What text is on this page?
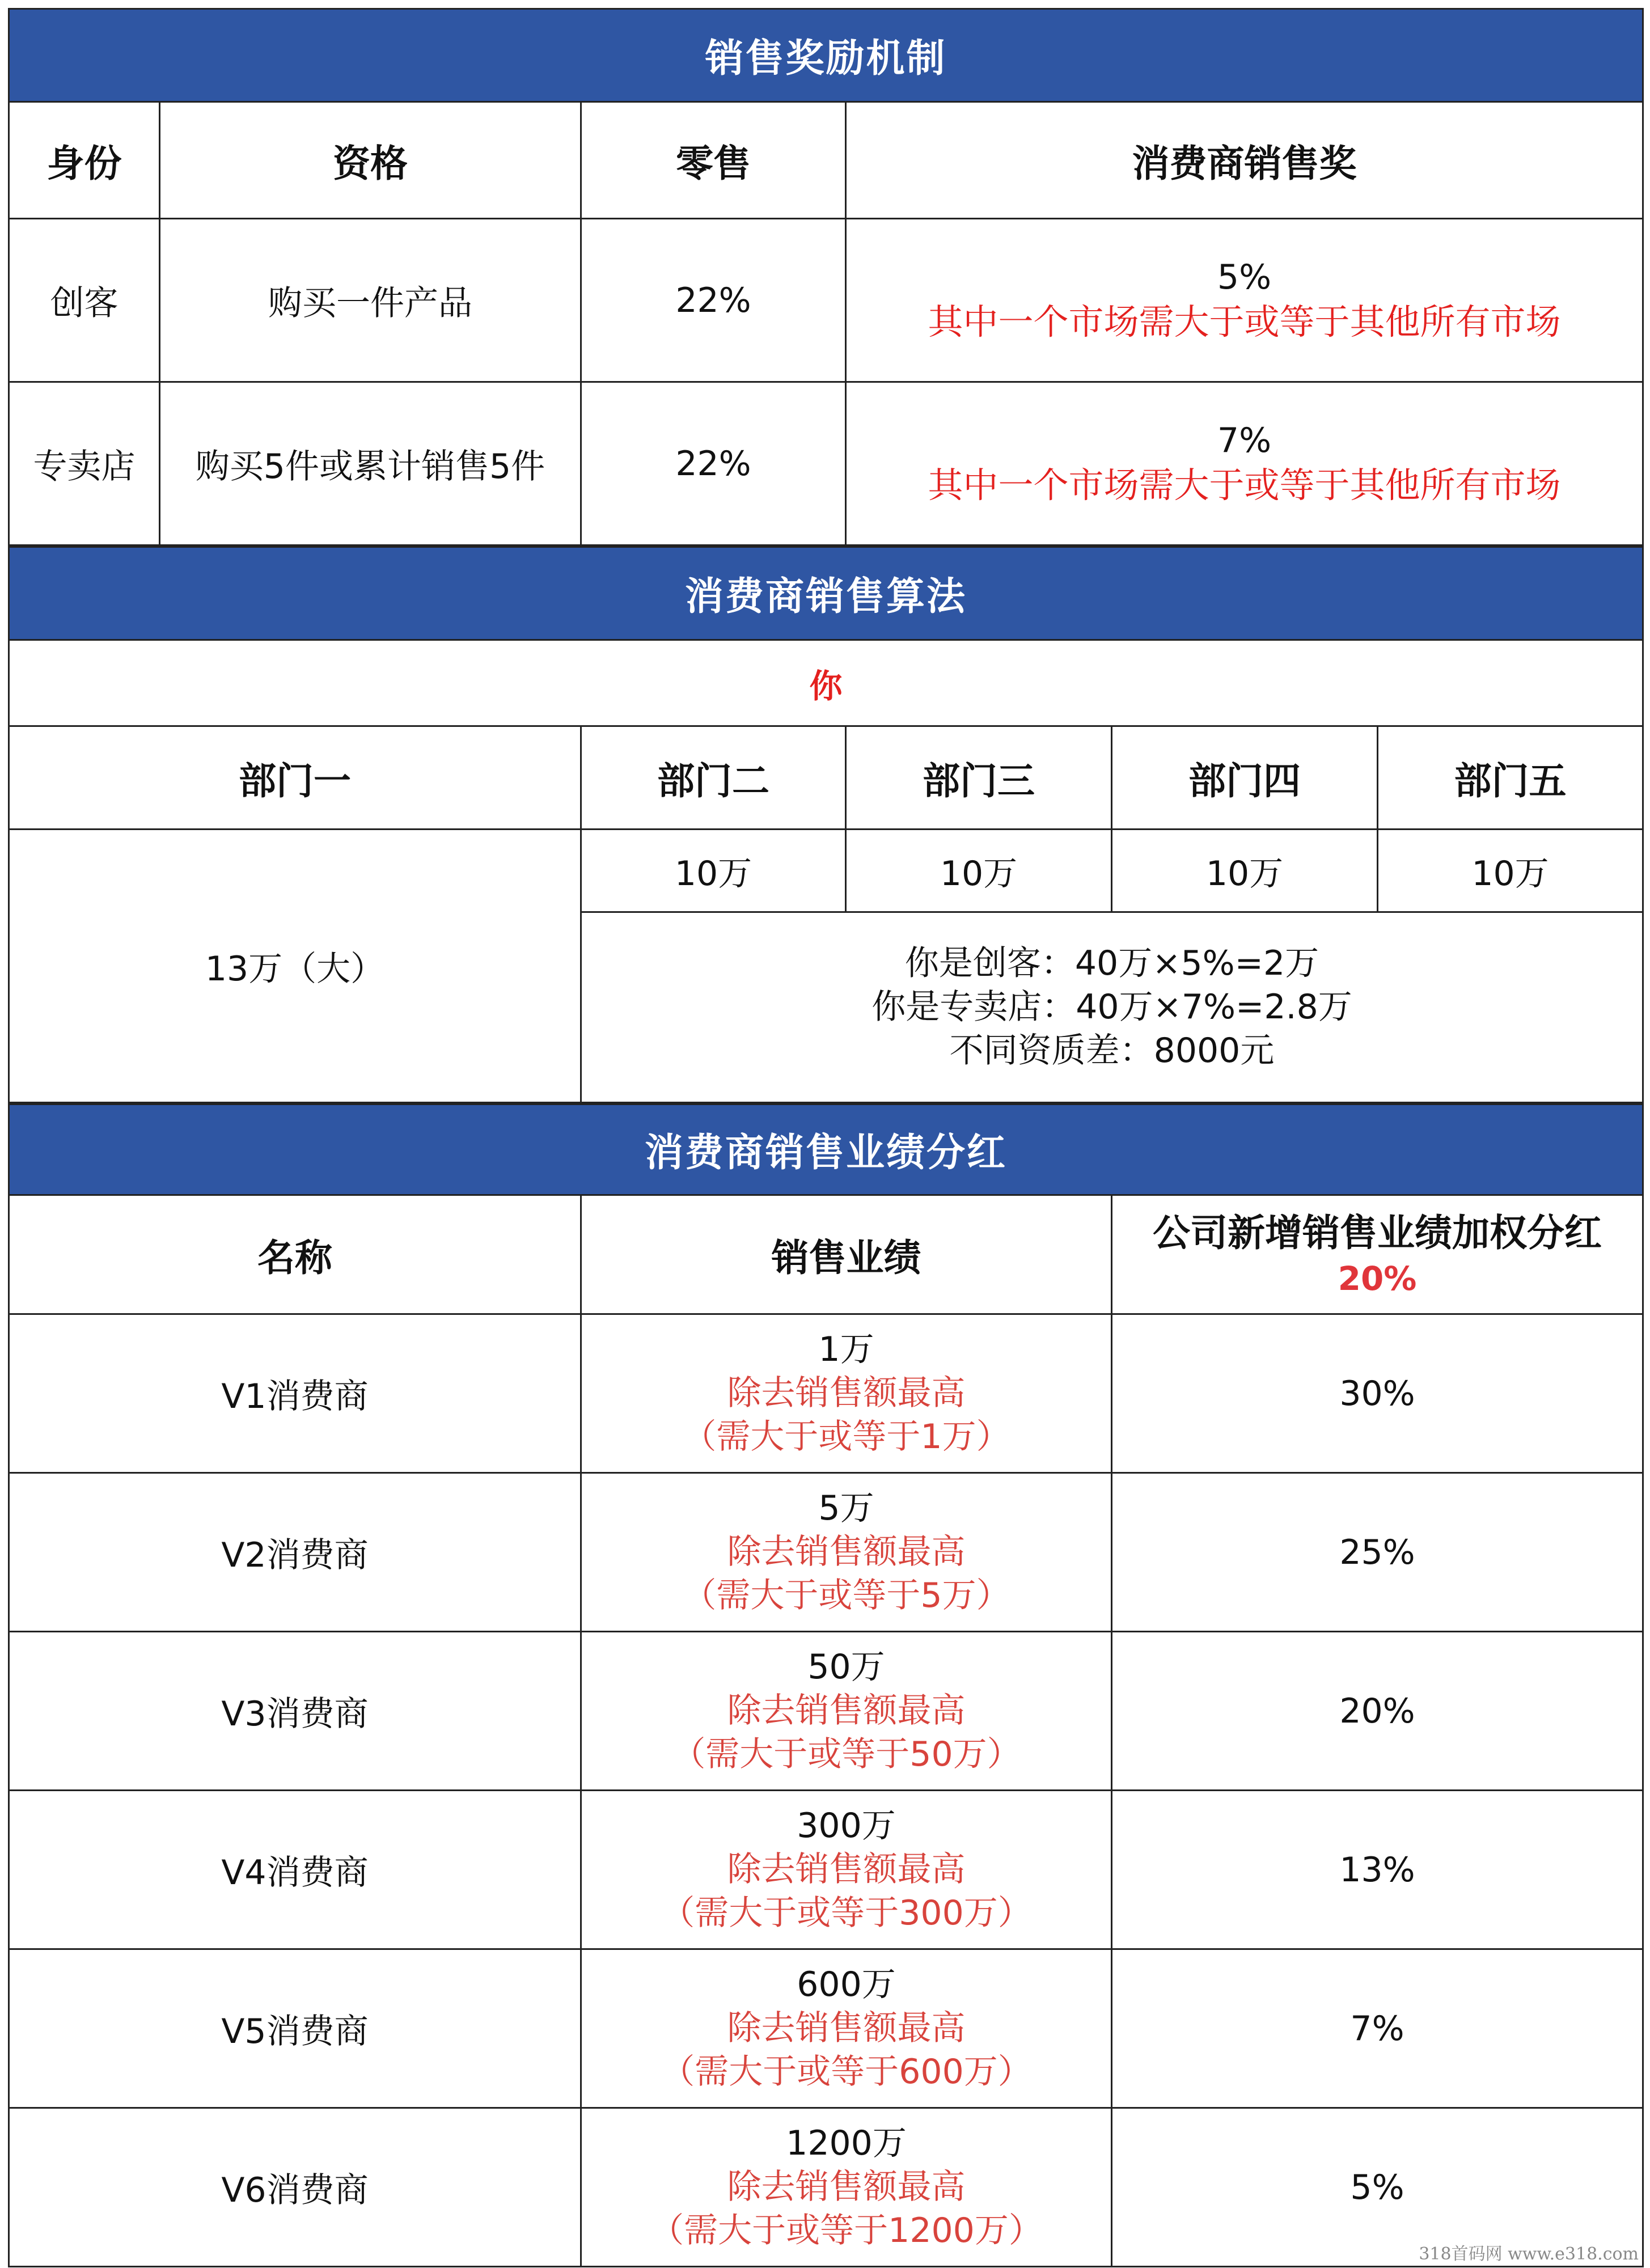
销售奖励机制			
身份	资格	零售	消费商销售奖
创客	购买一件产品	22%	5%
其中一个市场需大于或等于其他所有市场

专卖店	购买5件或累计销售5件	22%	7%
其中一个市场需大于或等于其他所有市场
消费商销售算法				
你				
部门一	部门二	部门三	部门四	部门五
13万（大）	10万	10万	10万	10万

	你是创客：40万×5%=2万
你是专卖店：40万×7%=2.8万
不同资质差：8000元			
消费商销售业绩分红		
名称	销售业绩	公司新增销售业绩加权分红
20%

V1消费商	1万
除去销售额最高
（需大于或等于1万）	30%
V2消费商	5万
除去销售额最高
（需大于或等于5万）	25%
V3消费商	50万
除去销售额最高
（需大于或等于50万）	20%
V4消费商	300万
除去销售额最高
（需大于或等于300万）	13%
V5消费商	600万
除去销售额最高
（需大于或等于600万）	7%
V6消费商	1200万
除去销售额最高
（需大于或等于1200万）	5%
318首码网 www.e318.com
